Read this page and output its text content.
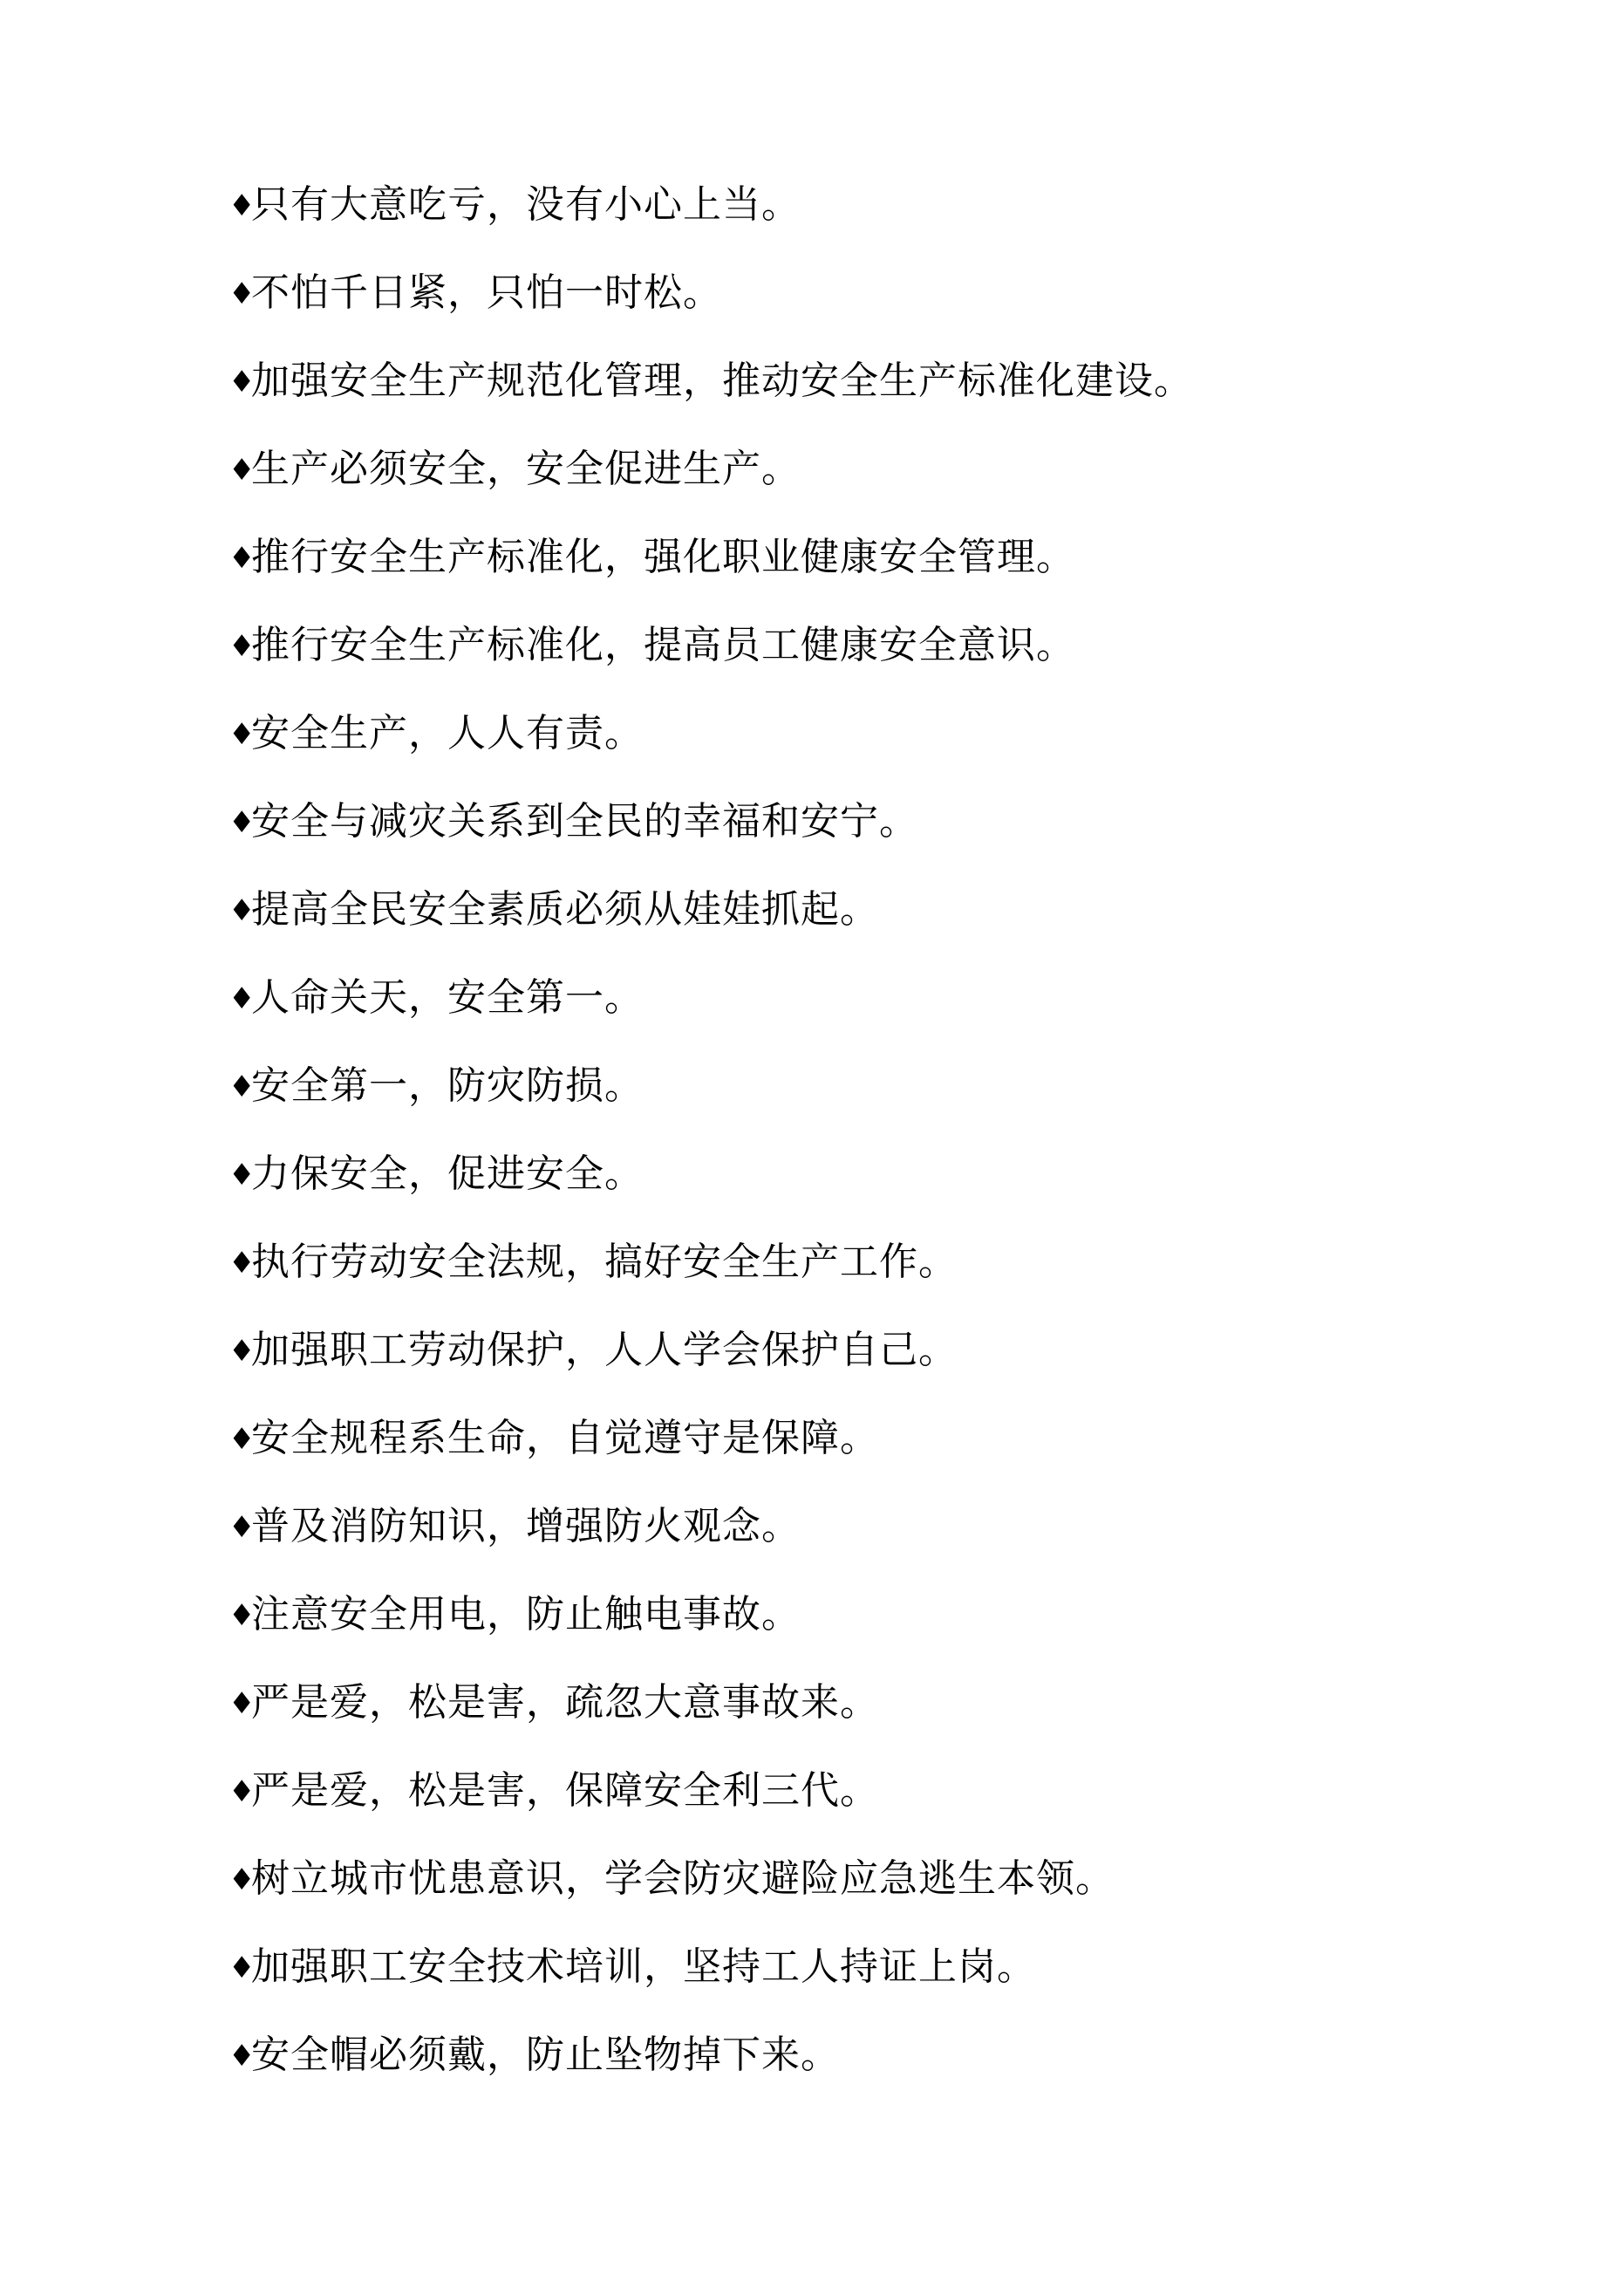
♦只有大意吃亏，没有小心上当。
♦不怕千日紧，只怕一时松。
♦加强安全生产规范化管理，推动安全生产标准化建设。
♦生产必须安全，安全促进生产。
♦推行安全生产标准化，强化职业健康安全管理。
♦推行安全生产标准化，提高员工健康安全意识。
♦安全生产，人人有责。
♦安全与减灾关系到全民的幸福和安宁。
♦提高全民安全素质必须从娃娃抓起。
♦人命关天，安全第一。
♦安全第一，防灾防损。
♦力保安全，促进安全。
♦执行劳动安全法规，搞好安全生产工作。
♦加强职工劳动保护，人人学会保护自己。
♦安全规程系生命，自觉遵守是保障。
♦普及消防知识，增强防火观念。
♦注意安全用电，防止触电事故。
♦严是爱，松是害，疏忽大意事故来。
♦严是爱，松是害，保障安全利三代。
♦树立城市忧患意识，学会防灾避险应急逃生本领。
♦加强职工安全技术培训，坚持工人持证上岗。
♦安全帽必须戴，防止坠物掉下来。
